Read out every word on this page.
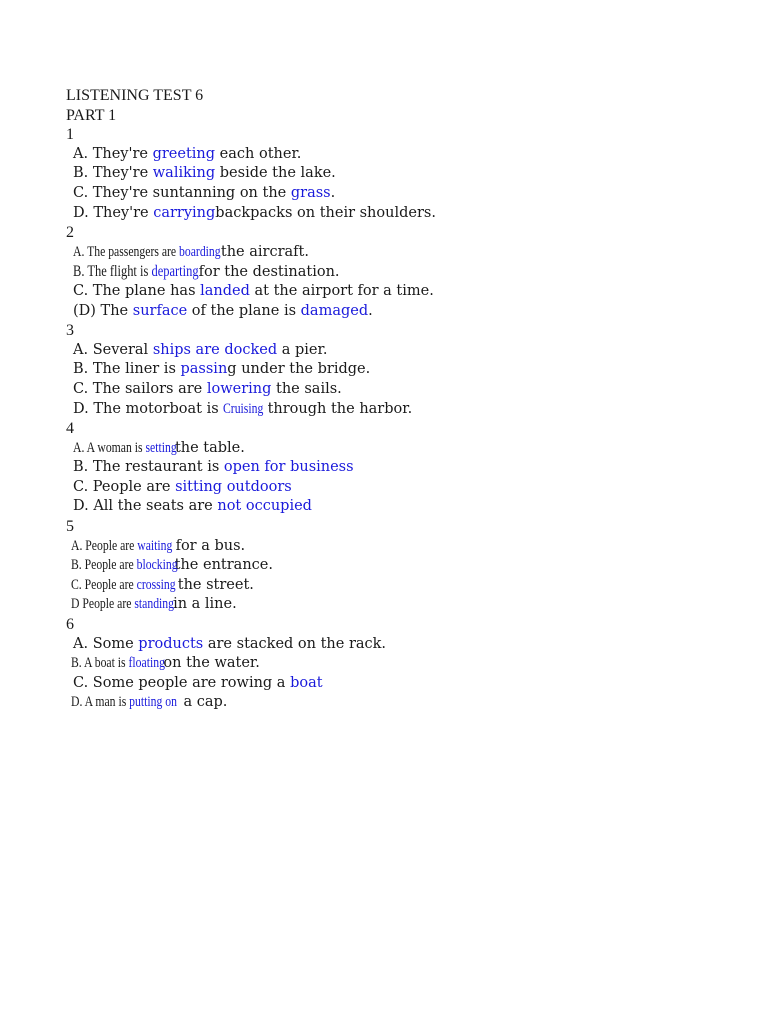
LISTENING TEST 6
PART 1
1
A. They're greeting each other.
B. They're waliking beside the lake.
C. They're suntanning on the grass.
D. They're carryingbackpacks on their shoulders.
2
A. The passengers are boarding the aircraft.
B. The flight is departing for the destination.
C. The plane has landed at the airport for a time.
(D) The surface of the plane is damaged.
3
A. Several ships are docked a pier.
B. The liner is passing under the bridge.
C. The sailors are lowering the sails.
D. The motorboat is Cruising through the harbor.
4
A. A woman is settingthe table.
B. The restaurant is open for business
C. People are sitting outdoors
D. All the seats are not occupied
5
A. People are waiting for a bus.
B. People are blockingthe entrance.
C. People are crossing the street.
D People are standingin a line.
6
A. Some products are stacked on the rack.
B. A boat is floatingon the water.
C. Some people are rowing a boat
D. A man is putting on a cap.
